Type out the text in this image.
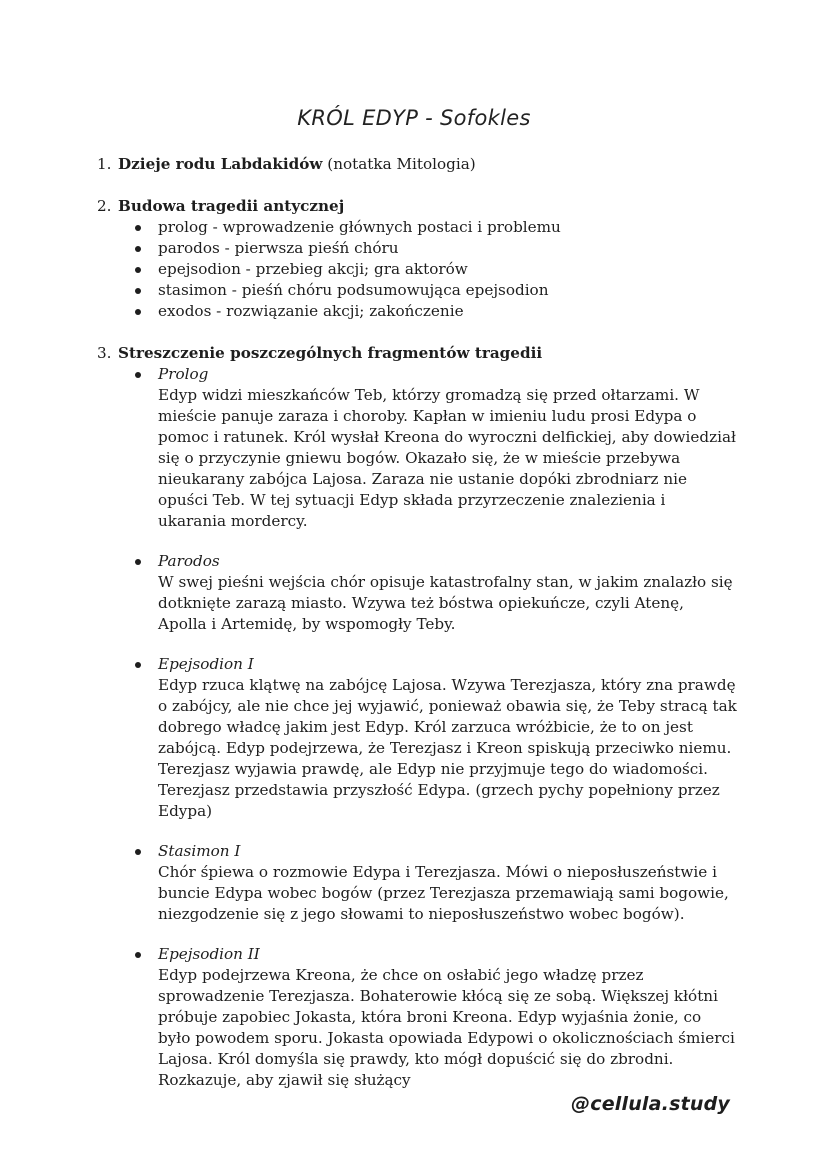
KRÓL EDYP - Sofokles
1. Dzieje rodu Labdakidów (notatka Mitologia)
2. Budowa tragedii antycznej
prolog - wprowadzenie głównych postaci i problemu
parodos - pierwsza pieśń chóru
epejsodion - przebieg akcji; gra aktorów
stasimon - pieśń chóru podsumowująca epejsodion
exodos - rozwiązanie akcji; zakończenie
3. Streszczenie poszczególnych fragmentów tragedii
Prolog

Edyp widzi mieszkańców Teb, którzy gromadzą się przed ołtarzami. W mieście panuje zaraza i choroby. Kapłan w imieniu ludu prosi Edypa o pomoc i ratunek. Król wysłał Kreona do wyroczni delfickiej, aby dowiedział się o przyczynie gniewu bogów. Okazało się, że w mieście przebywa nieukarany zabójca Lajosa. Zaraza nie ustanie dopóki zbrodniarz nie opuści Teb. W tej sytuacji Edyp składa przyrzeczenie znalezienia i ukarania mordercy.

Parodos

W swej pieśni wejścia chór opisuje katastrofalny stan, w jakim znalazło się dotknięte zarazą miasto. Wzywa też bóstwa opiekuńcze, czyli Atenę, Apolla i Artemidę, by wspomogły Teby.

Epejsodion I

Edyp rzuca klątwę na zabójcę Lajosa. Wzywa Terezjasza, który zna prawdę o zabójcy, ale nie chce jej wyjawić, ponieważ obawia się, że Teby stracą tak dobrego władcę jakim jest Edyp. Król zarzuca wróżbicie, że to on jest zabójcą. Edyp podejrzewa, że Terezjasz i Kreon spiskują przeciwko niemu. Terezjasz wyjawia prawdę, ale Edyp nie przyjmuje tego do wiadomości. Terezjasz przedstawia przyszłość Edypa. (grzech pychy popełniony przez Edypa)

Stasimon I

Chór śpiewa o rozmowie Edypa i Terezjasza. Mówi o nieposłuszeństwie i buncie Edypa wobec bogów (przez Terezjasza przemawiają sami bogowie, niezgodzenie się z jego słowami to nieposłuszeństwo wobec bogów).

Epejsodion II

Edyp podejrzewa Kreona, że chce on osłabić jego władzę przez sprowadzenie Terezjasza. Bohaterowie kłócą się ze sobą. Większej kłótni próbuje zapobiec Jokasta, która broni Kreona. Edyp wyjaśnia żonie, co było powodem sporu. Jokasta opowiada Edypowi o okolicznościach śmierci Lajosa. Król domyśla się prawdy, kto mógł dopuścić się do zbrodni. Rozkazuje, aby zjawił się służący

@cellula.study
